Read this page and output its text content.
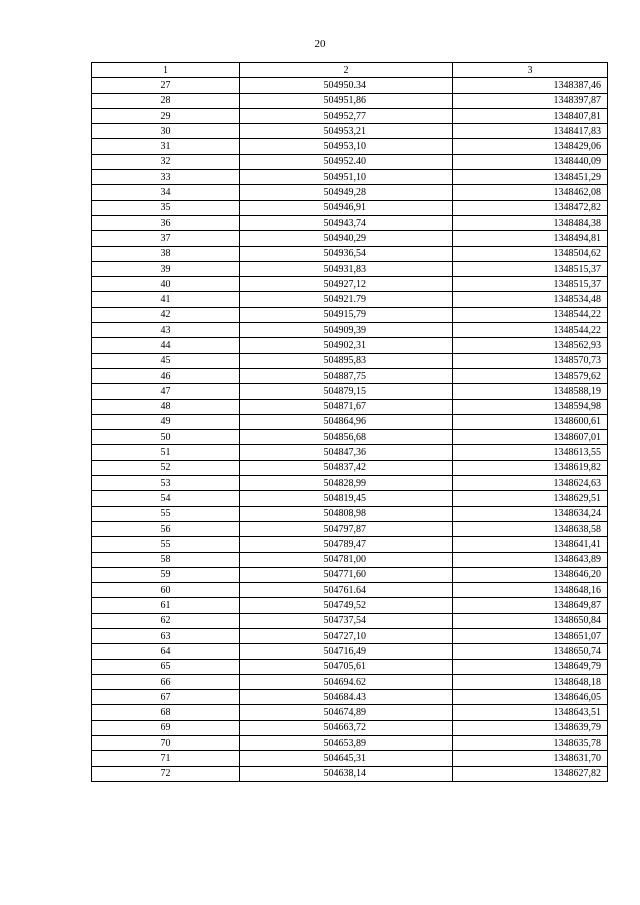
20
1	2	3
27	504950.34	1348387,46
28	504951,86	1348397,87
29	504952,77	1348407,81
30	504953,21	1348417,83
31	504953,10	1348429,06
32	504952.40	1348440,09
33	504951,10	1348451,29
34	504949,28	1348462,08
35	504946,91	1348472,82
36	504943,74	1348484,38
37	504940,29	1348494,81
38	504936,54	1348504,62
39	504931,83	1348515,37
40	504927,12	1348515,37
41	504921.79	1348534,48
42	504915,79	1348544,22
43	504909,39	1348544,22
44	504902,31	1348562,93
45	504895,83	1348570,73
46	504887,75	1348579,62
47	504879,15	1348588,19
48	504871,67	1348594,98
49	504864,96	1348600,61
50	504856,68	1348607,01
51	504847,36	1348613,55
52	504837,42	1348619,82
53	504828,99	1348624,63
54	504819,45	1348629,51
55	504808,98	1348634,24
56	504797,87	1348638,58
55	504789,47	1348641,41
58	504781,00	1348643,89
59	504771,60	1348646,20
60	504761.64	1348648,16
61	504749,52	1348649,87
62	504737,54	1348650,84
63	504727,10	1348651,07
64	504716,49	1348650,74
65	504705,61	1348649,79
66	504694.62	1348648,18
67	504684.43	1348646,05
68	504674,89	1348643,51
69	504663,72	1348639,79
70	504653,89	1348635,78
71	504645,31	1348631,70
72	504638,14	1348627,82
